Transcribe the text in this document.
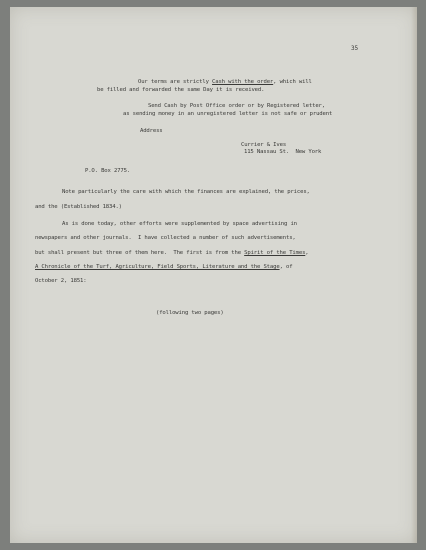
35
Our terms are strictly Cash with the order, which will
be filled and forwarded the same Day it is received.
Send Cash by Post Office order or by Registered letter,
as sending money in an unregistered letter is not safe or prudent
Address
Currier & Ives
115 Nassau St.  New York
P.O. Box 2775.
Note particularly the care with which the finances are explained, the prices,
and the (Established 1834.)
As is done today, other efforts were supplemented by space advertising in
newspapers and other journals.  I have collected a number of such advertisements,
but shall present but three of them here.  The first is from the Spirit of the Times,
A Chronicle of the Turf, Agriculture, Field Sports, Literature and the Stage, of
October 2, 1851:
(following two pages)
